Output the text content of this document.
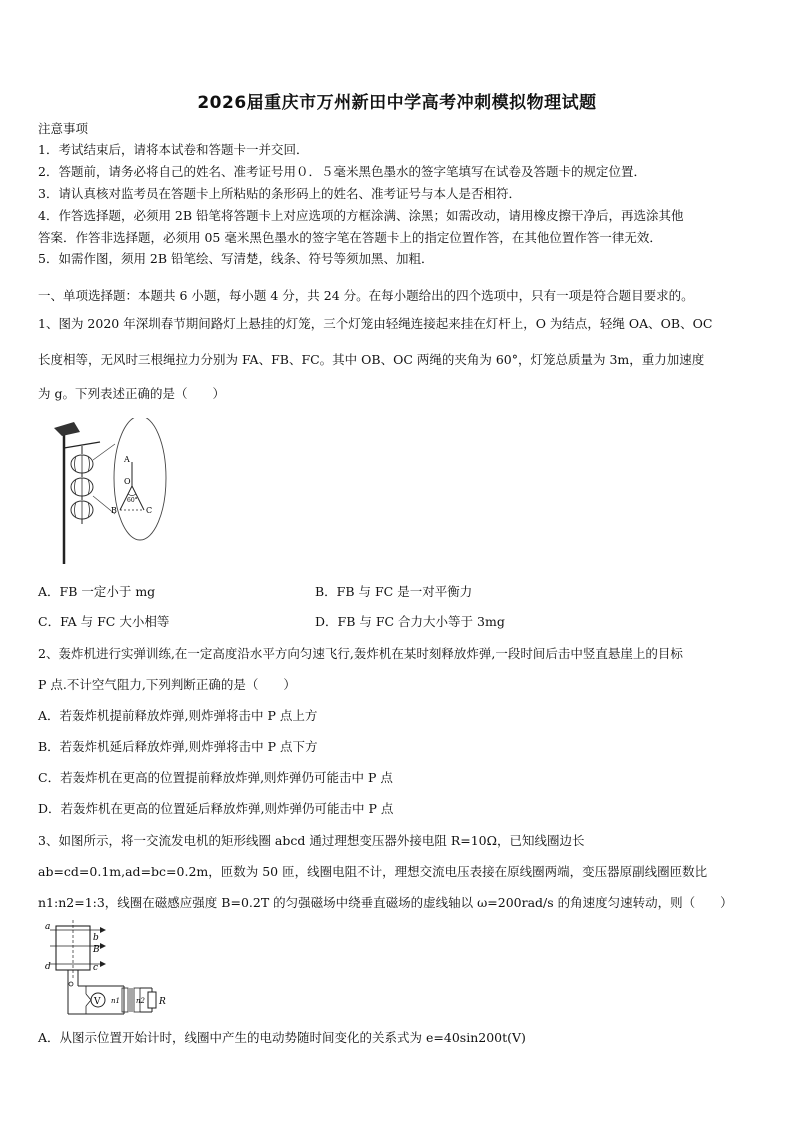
2026届重庆市万州新田中学高考冲刺模拟物理试题
注意事项
1．考试结束后，请将本试卷和答题卡一并交回．
2．答题前，请务必将自己的姓名、准考证号用０．５毫米黑色墨水的签字笔填写在试卷及答题卡的规定位置．
3．请认真核对监考员在答题卡上所粘贴的条形码上的姓名、准考证号与本人是否相符．
4．作答选择题，必须用 2B 铅笔将答题卡上对应选项的方框涂满、涂黑；如需改动，请用橡皮擦干净后，再选涂其他
答案．作答非选择题，必须用 05 毫米黑色墨水的签字笔在答题卡上的指定位置作答，在其他位置作答一律无效．
5．如需作图，须用 2B 铅笔绘、写清楚，线条、符号等须加黑、加粗．
一、单项选择题：本题共 6 小题，每小题 4 分，共 24 分。在每小题给出的四个选项中，只有一项是符合题目要求的。
1、图为 2020 年深圳春节期间路灯上悬挂的灯笼，三个灯笼由轻绳连接起来挂在灯杆上，O 为结点，轻绳 OA、OB、OC
长度相等，无风时三根绳拉力分别为 FA、FB、FC。其中 OB、OC 两绳的夹角为 60°，灯笼总质量为 3m，重力加速度
为 g。下列表述正确的是（　　）
A
O
60°
B	C
A．FB 一定小于 mg	B．FB 与 FC 是一对平衡力
C．FA 与 FC 大小相等	D．FB 与 FC 合力大小等于 3mg
2、轰炸机进行实弹训练,在一定高度沿水平方向匀速飞行,轰炸机在某时刻释放炸弹,一段时间后击中竖直悬崖上的目标
P 点.不计空气阻力,下列判断正确的是（　　）
A．若轰炸机提前释放炸弹,则炸弹将击中 P 点上方
B．若轰炸机延后释放炸弹,则炸弹将击中 P 点下方
C．若轰炸机在更高的位置提前释放炸弹,则炸弹仍可能击中 P 点
D．若轰炸机在更高的位置延后释放炸弹,则炸弹仍可能击中 P 点
3、如图所示，将一交流发电机的矩形线圈 abcd 通过理想变压器外接电阻 R=10Ω，已知线圈边长
ab=cd=0.1m,ad=bc=0.2m，匝数为 50 匝，线圈电阻不计，理想交流电压表接在原线圈两端，变压器原副线圈匝数比
n1:n2=1:3，线圈在磁感应强度 B=0.2T 的匀强磁场中绕垂直磁场的虚线轴以 ω=200rad/s 的角速度匀速转动，则（　　）
a
b
B
d	c
V n1 n2 R
A．从图示位置开始计时，线圈中产生的电动势随时间变化的关系式为 e=40sin200t(V)
